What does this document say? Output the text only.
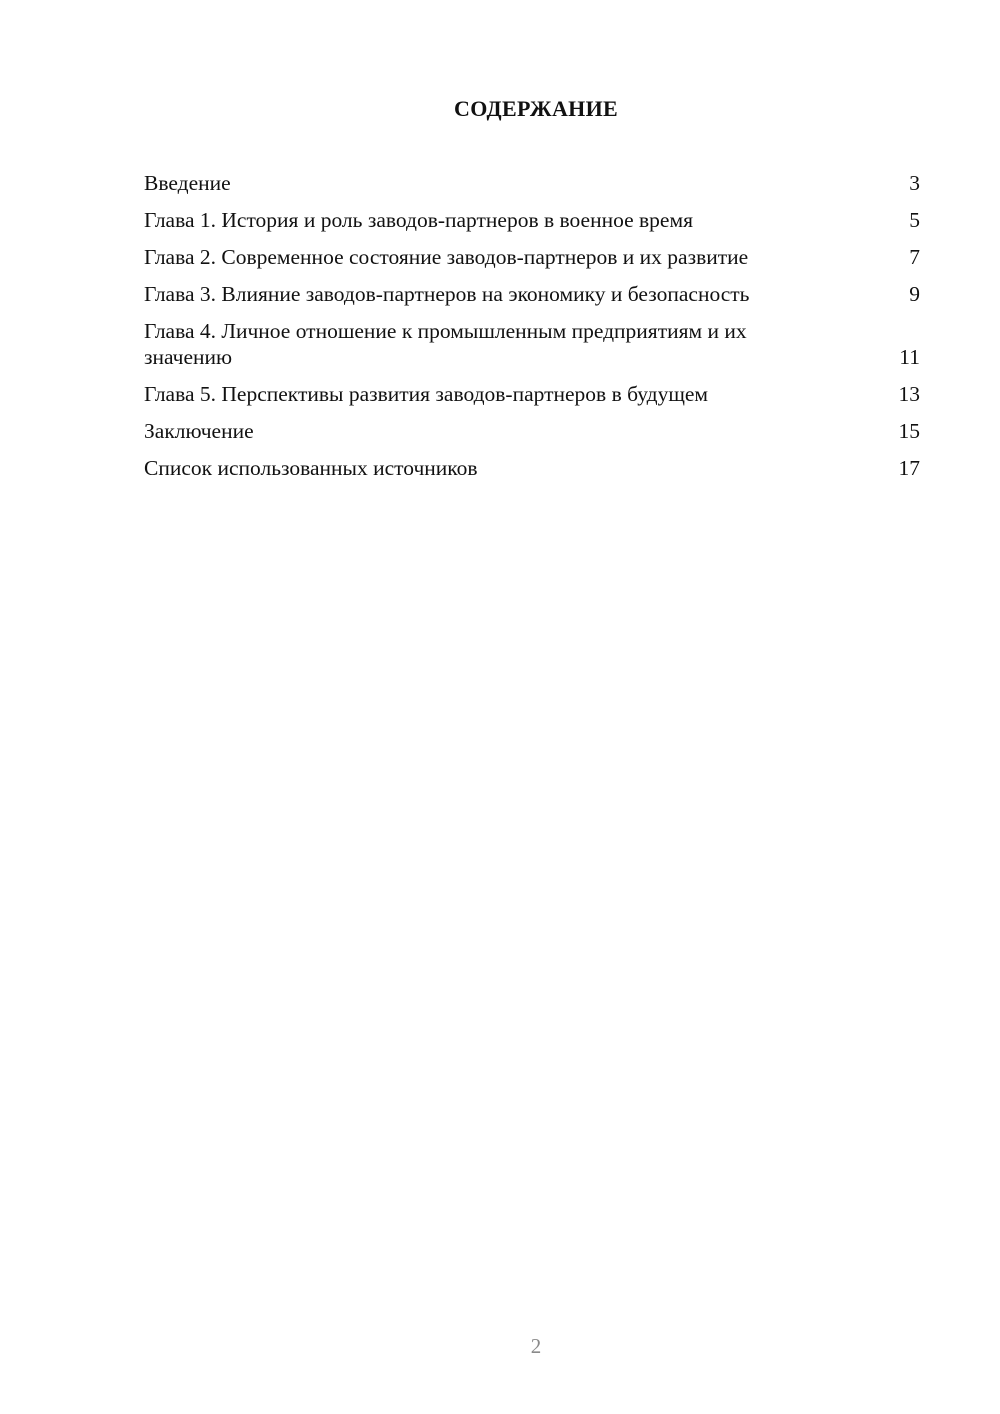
СОДЕРЖАНИЕ
Введение	3
Глава 1. История и роль заводов-партнеров в военное время	5
Глава 2. Современное состояние заводов-партнеров и их развитие	7
Глава 3. Влияние заводов-партнеров на экономику и безопасность	9
Глава 4. Личное отношение к промышленным предприятиям и их значению	11
Глава 5. Перспективы развития заводов-партнеров в будущем	13
Заключение	15
Список использованных источников	17
2
